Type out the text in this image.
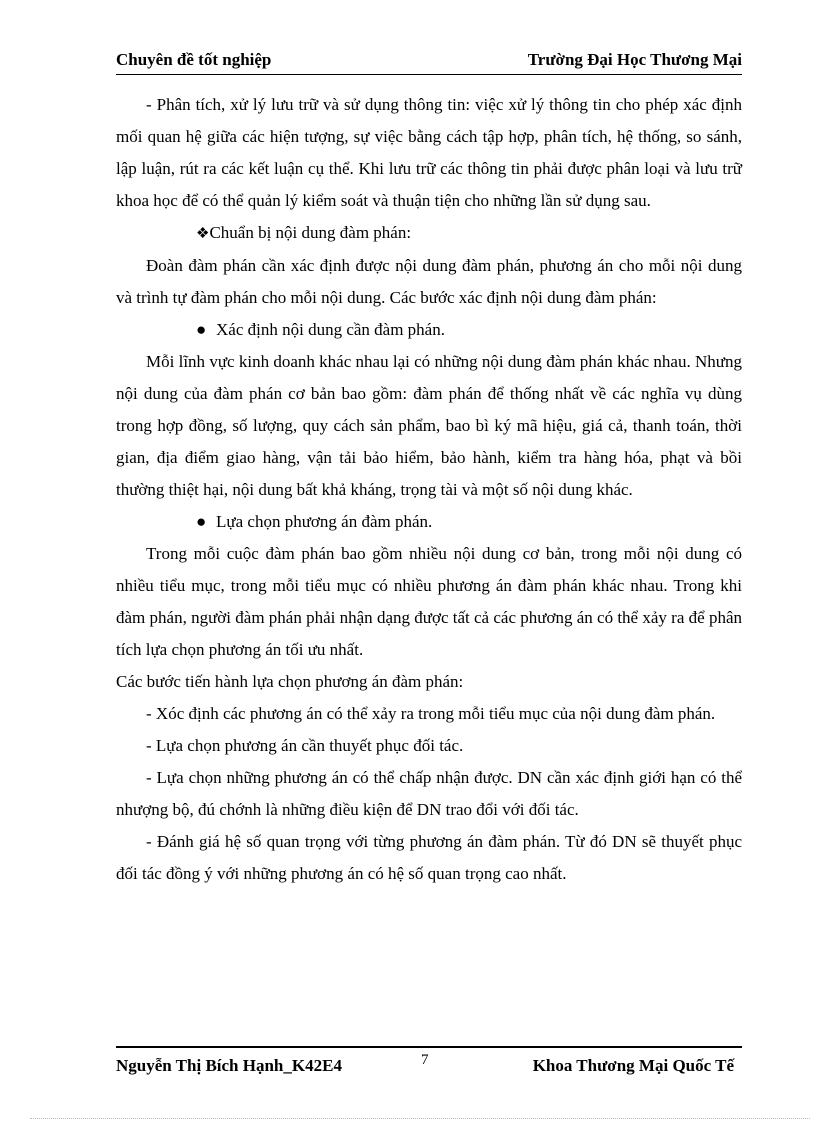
Chuyên đề tốt nghiệp	Trường Đại Học Thương Mại

- Phân tích, xử lý lưu trữ và sử dụng thông tin: việc xử lý thông tin cho phép xác định mối quan hệ giữa các hiện tượng, sự việc bằng cách tập hợp, phân tích, hệ thống, so sánh, lập luận, rút ra các kết luận cụ thể. Khi lưu trữ các thông tin phải được phân loại và lưu trữ khoa học để có thể quản lý kiểm soát và thuận tiện cho những lần sử dụng sau.

❖Chuẩn bị nội dung đàm phán:

Đoàn đàm phán cần xác định được nội dung đàm phán, phương án cho mỗi nội dung và trình tự đàm phán cho mỗi nội dung. Các bước xác định nội dung đàm phán:

● Xác định nội dung cần đàm phán.

Mỗi lĩnh vực kinh doanh khác nhau lại có những nội dung đàm phán khác nhau. Nhưng nội dung của đàm phán cơ bản bao gồm: đàm phán để thống nhất về các nghĩa vụ dùng trong hợp đồng, số lượng, quy cách sản phẩm, bao bì ký mã hiệu, giá cả, thanh toán, thời gian, địa điểm giao hàng, vận tải bảo hiểm, bảo hành, kiểm tra hàng hóa, phạt và bồi thường thiệt hại, nội dung bất khả kháng, trọng tài và một số nội dung khác.

● Lựa chọn phương án đàm phán.

Trong mỗi cuộc đàm phán bao gồm nhiều nội dung cơ bản, trong mỗi nội dung có nhiều tiểu mục, trong mỗi tiểu mục có nhiều phương án đàm phán khác nhau. Trong khi đàm phán, người đàm phán phải nhận dạng được tất cả các phương án có thể xảy ra để phân tích lựa chọn phương án tối ưu nhất.

Các bước tiến hành lựa chọn phương án đàm phán:

- Xóc định các phương án có thể xảy ra trong mỗi tiểu mục của nội dung đàm phán.

- Lựa chọn phương án cần thuyết phục đối tác.

- Lựa chọn những phương án có thể chấp nhận được. DN cần xác định giới hạn có thể nhượng bộ, đú chớnh là những điều kiện để DN trao đổi với đối tác.

- Đánh giá hệ số quan trọng với từng phương án đàm phán. Từ đó DN sẽ thuyết phục đối tác đồng ý với những phương án có hệ số quan trọng cao nhất.

Nguyễn Thị Bích Hạnh_K42E4	7	Khoa Thương Mại Quốc Tế
